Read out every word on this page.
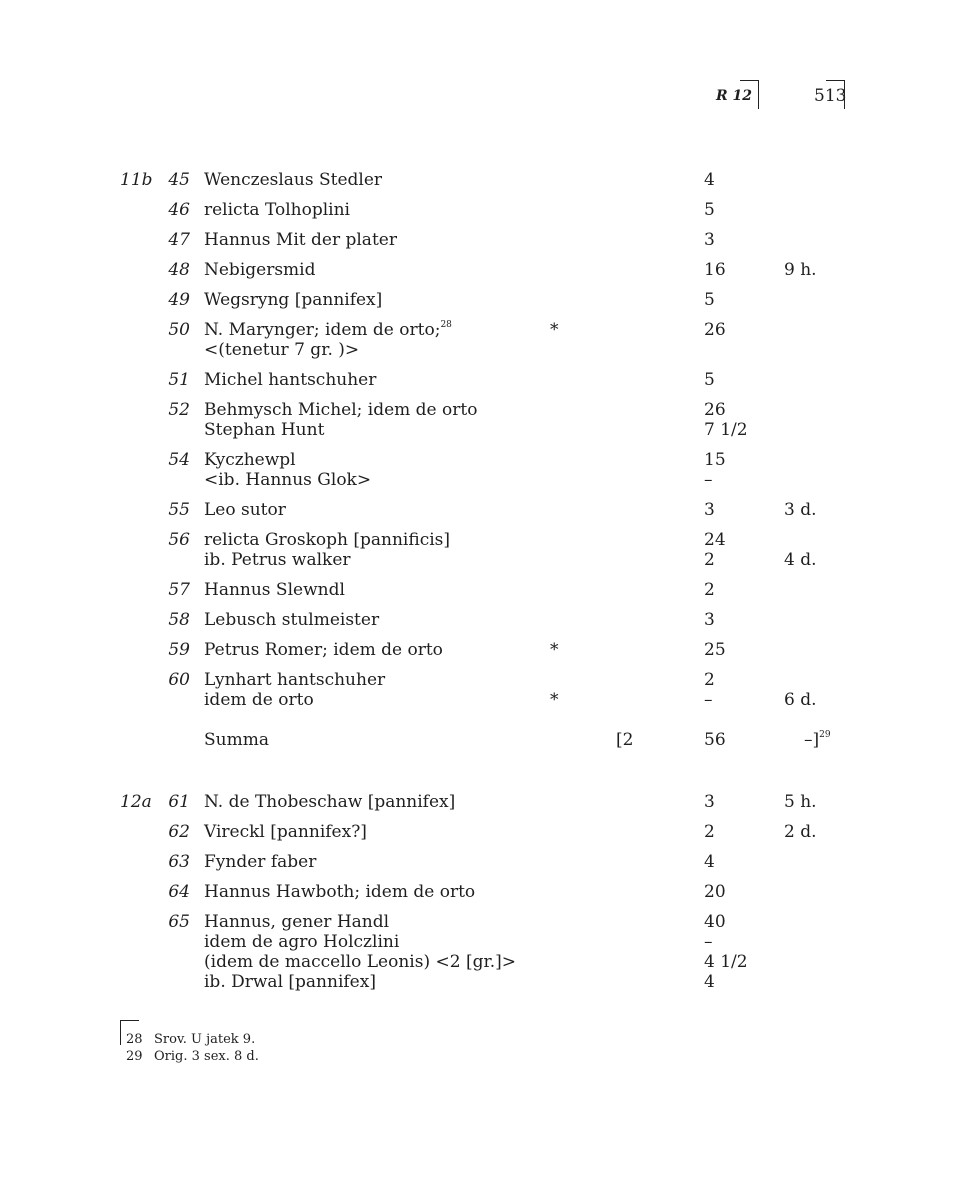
R 12	513
11b 45 Wenczeslaus Stedler	4
46 relicta Tolhoplini	5
47 Hannus Mit der plater	3
48 Nebigersmid	16	9 h.
49 Wegsryng [pannifex]	5
50 N. Marynger; idem de orto;$^{28}$	*	26
<(tenetur 7 gr. )>
51 Michel hantschuher	5
52 Behmysch Michel; idem de orto	26
Stephan Hunt	7 1/2
54 Kyczhewpl	15
<ib. Hannus Glok>	–
55 Leo sutor	3	3 d.
56 relicta Groskoph [pannificis]	24
ib. Petrus walker	2	4 d.
57 Hannus Slewndl	2
58 Lebusch stulmeister	3
59 Petrus Romer; idem de orto	*	25
60 Lynhart hantschuher	2
idem de orto	*	–	6 d.
Summa	[2	56	–]$^{29}$
12a 61 N. de Thobeschaw [pannifex]	3	5 h.
62 Vireckl [pannifex?]	2	2 d.
63 Fynder faber	4
64 Hannus Hawboth; idem de orto	20
65 Hannus, gener Handl	40
idem de agro Holczlini	–
(idem de maccello Leonis) <2 [gr.]>	4 1/2
ib. Drwal [pannifex]	4
28 Srov. U jatek 9.
29 Orig. 3 sex. 8 d.
